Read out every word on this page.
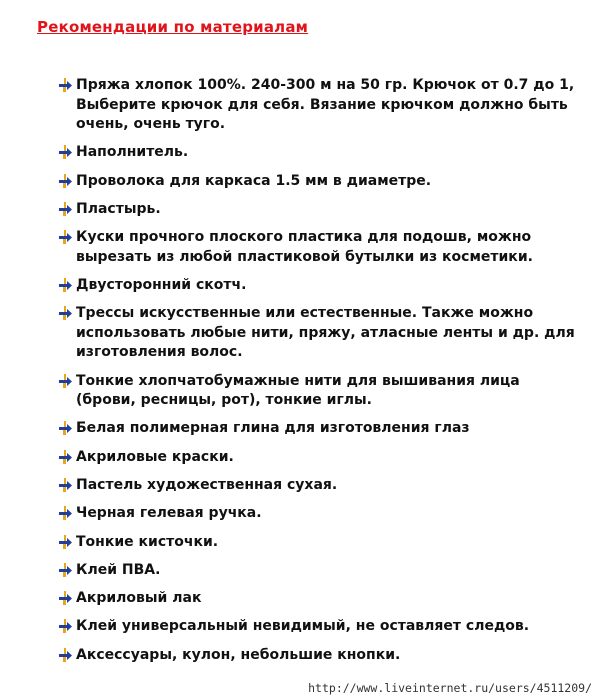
Рекомендации по материалам
Пряжа хлопок 100%. 240-300 м на 50 гр. Крючок от 0.7 до 1, Выберите крючок для себя. Вязание крючком должно быть очень, очень туго.
Наполнитель.
Проволока для каркаса 1.5 мм в диаметре.
Пластырь.
Куски прочного плоского пластика для подошв, можно вырезать из любой пластиковой бутылки из косметики.
Двусторонний скотч.
Трессы искусственные или естественные. Также можно использовать любые нити, пряжу, атласные ленты и др. для изготовления волос.
Тонкие хлопчатобумажные нити для вышивания лица (брови, ресницы, рот), тонкие иглы.
Белая полимерная глина для изготовления глаз
Акриловые краски.
Пастель художественная сухая.
Черная гелевая ручка.
Тонкие кисточки.
Клей ПВА.
Акриловый лак
Клей универсальный невидимый, не оставляет следов.
Аксессуары, кулон, небольшие кнопки.
http://www.liveinternet.ru/users/4511209/
